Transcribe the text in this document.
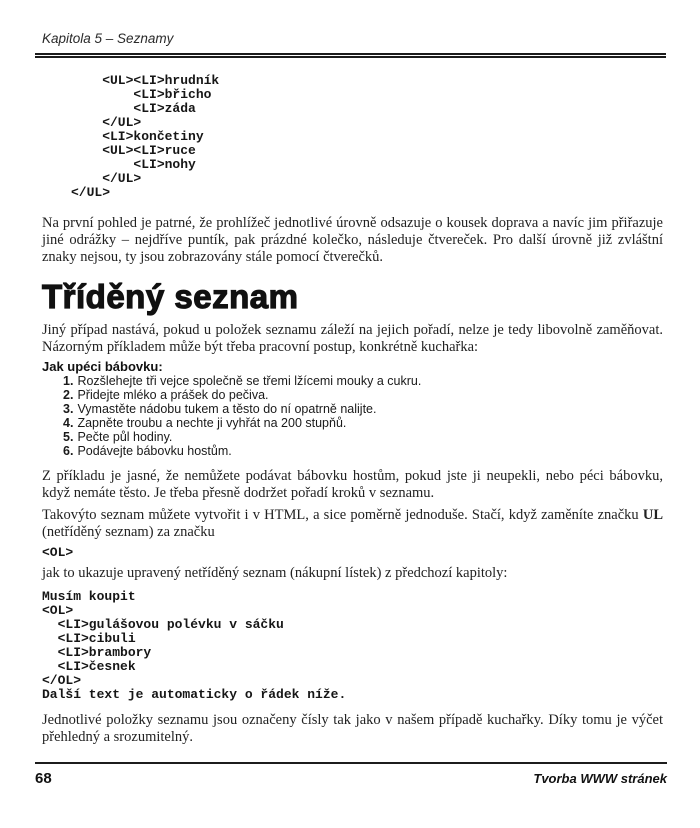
Kapitola 5 – Seznamy
<UL><LI>hrudník
<LI>břicho
<LI>záda
</UL>
<LI>končetiny
<UL><LI>ruce
<LI>nohy
</UL>
</UL>

Na první pohled je patrné, že prohlížeč jednotlivé úrovně odsazuje o kousek doprava a navíc jim přiřazuje jiné odrážky – nejdříve puntík, pak prázdné kolečko, následuje čtvereček. Pro další úrovně již zvláštní znaky nejsou, ty jsou zobrazovány stále pomocí čtverečků.

Tříděný seznam

Jiný případ nastává, pokud u položek seznamu záleží na jejich pořadí, nelze je tedy libovolně zaměňovat. Názorným příkladem může být třeba pracovní postup, konkrétně kuchařka:

Jak upéci bábovku:
1. Rozšlehejte tři vejce společně se třemi lžícemi mouky a cukru.
2. Přidejte mléko a prášek do pečiva.
3. Vymastěte nádobu tukem a těsto do ní opatrně nalijte.
4. Zapněte troubu a nechte ji vyhřát na 200 stupňů.
5. Pečte půl hodiny.
6. Podávejte bábovku hostům.

Z příkladu je jasné, že nemůžete podávat bábovku hostům, pokud jste ji neupekli, nebo péci bábovku, když nemáte těsto. Je třeba přesně dodržet pořadí kroků v seznamu.

Takovýto seznam můžete vytvořit i v HTML, a sice poměrně jednoduše. Stačí, když zaměníte značku UL (netříděný seznam) za značku

<OL>

jak to ukazuje upravený netříděný seznam (nákupní lístek) z předchozí kapitoly:

Musím koupit
<OL>
<LI>gulášovou polévku v sáčku
<LI>cibuli
<LI>brambory
<LI>česnek
</OL>
Další text je automaticky o řádek níže.

Jednotlivé položky seznamu jsou označeny čísly tak jako v našem případě kuchařky. Díky tomu je výčet přehledný a srozumitelný.

68	Tvorba WWW stránek
